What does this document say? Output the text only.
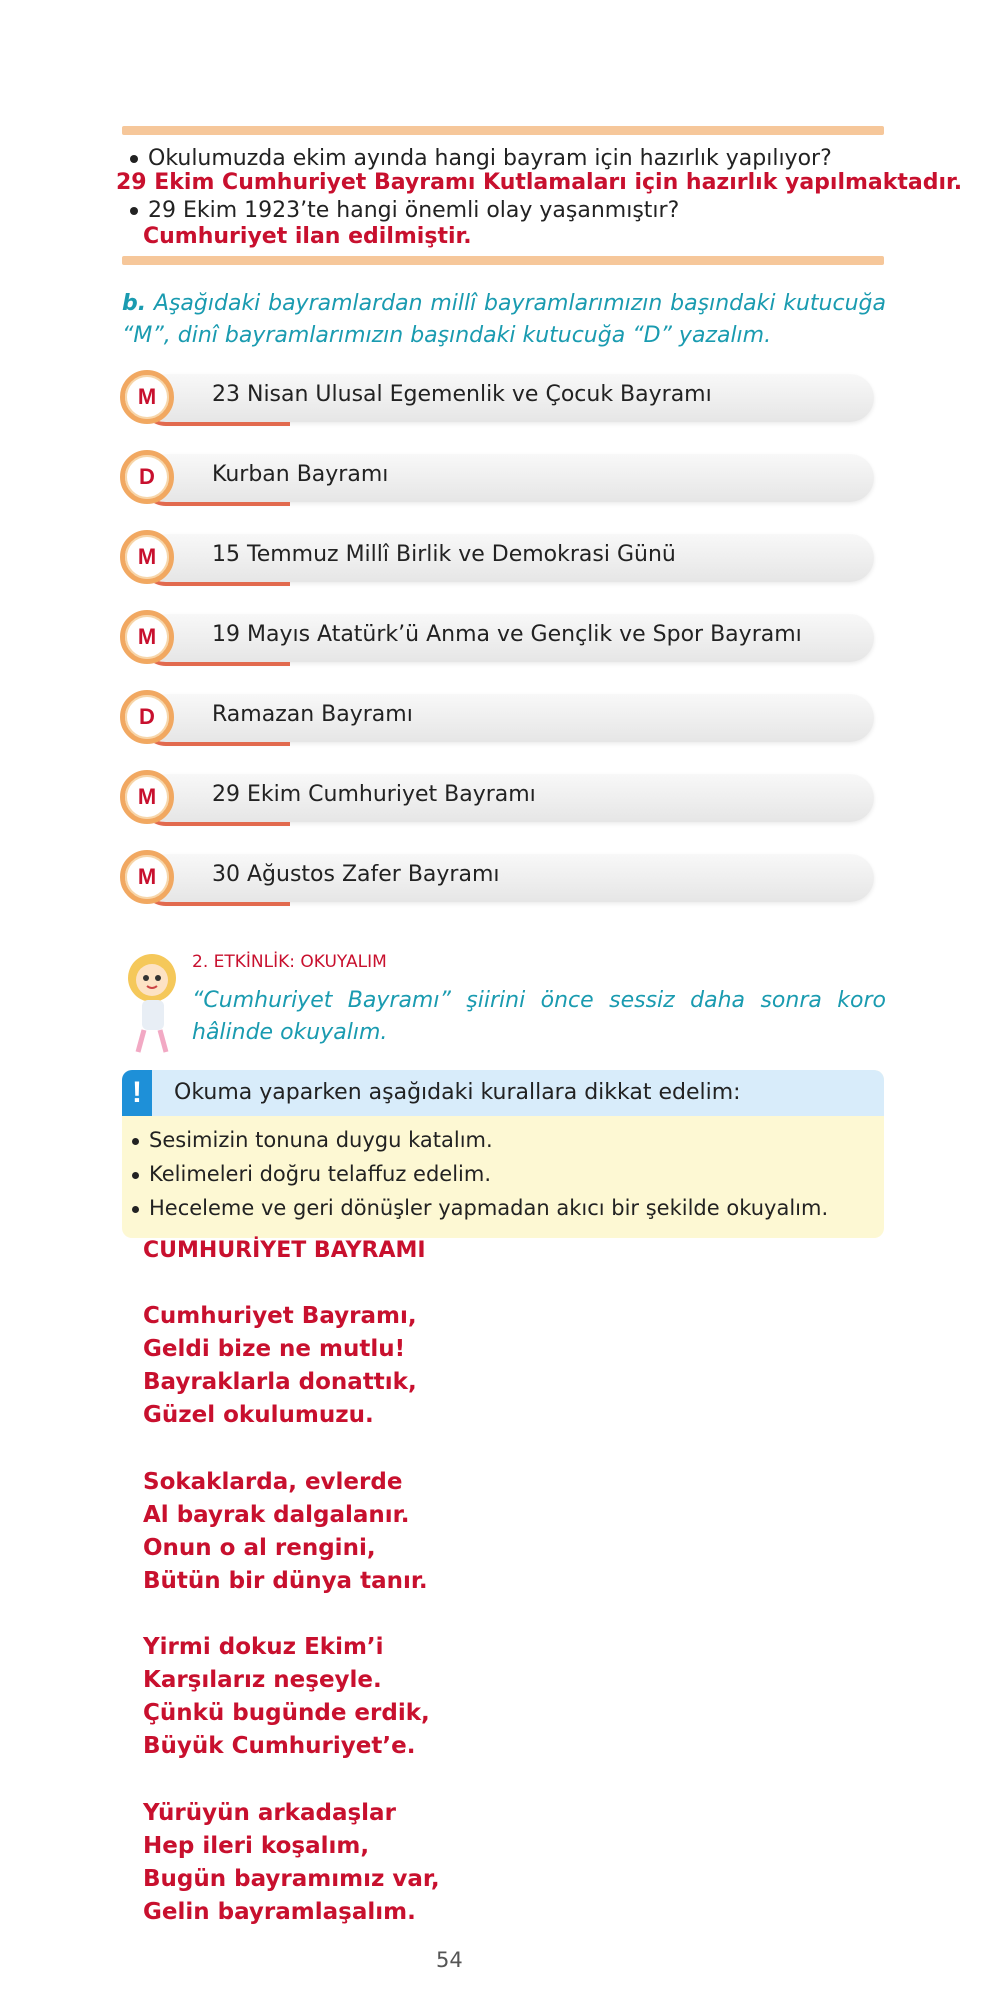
Okulumuzda ekim ayında hangi bayram için hazırlık yapılıyor?
29 Ekim Cumhuriyet Bayramı Kutlamaları için hazırlık yapılmaktadır.
29 Ekim 1923’te hangi önemli olay yaşanmıştır?
Cumhuriyet ilan edilmiştir.
b. Aşağıdaki bayramlardan millî bayramlarımızın başındaki kutucuğa “M”, dinî bayramlarımızın başındaki kutucuğa “D” yazalım.
M	23 Nisan Ulusal Egemenlik ve Çocuk Bayramı
D	Kurban Bayramı
M	15 Temmuz Millî Birlik ve Demokrasi Günü
M	19 Mayıs Atatürk’ü Anma ve Gençlik ve Spor Bayramı
D	Ramazan Bayramı
M	29 Ekim Cumhuriyet Bayramı
M	30 Ağustos Zafer Bayramı
2. ETKİNLİK: OKUYALIM
“Cumhuriyet Bayramı” şiirini önce sessiz daha sonra koro hâlinde okuyalım.
!	Okuma yaparken aşağıdaki kurallara dikkat edelim:
Sesimizin tonuna duygu katalım.
Kelimeleri doğru telaffuz edelim.
Heceleme ve geri dönüşler yapmadan akıcı bir şekilde okuyalım.
CUMHURİYET BAYRAMI
Cumhuriyet Bayramı,
Geldi bize ne mutlu!
Bayraklarla donattık,
Güzel okulumuzu.
Sokaklarda, evlerde
Al bayrak dalgalanır.
Onun o al rengini,
Bütün bir dünya tanır.
Yirmi dokuz Ekim’i
Karşılarız neşeyle.
Çünkü bugünde erdik,
Büyük Cumhuriyet’e.
Yürüyün arkadaşlar
Hep ileri koşalım,
Bugün bayramımız var,
Gelin bayramlaşalım.
54
